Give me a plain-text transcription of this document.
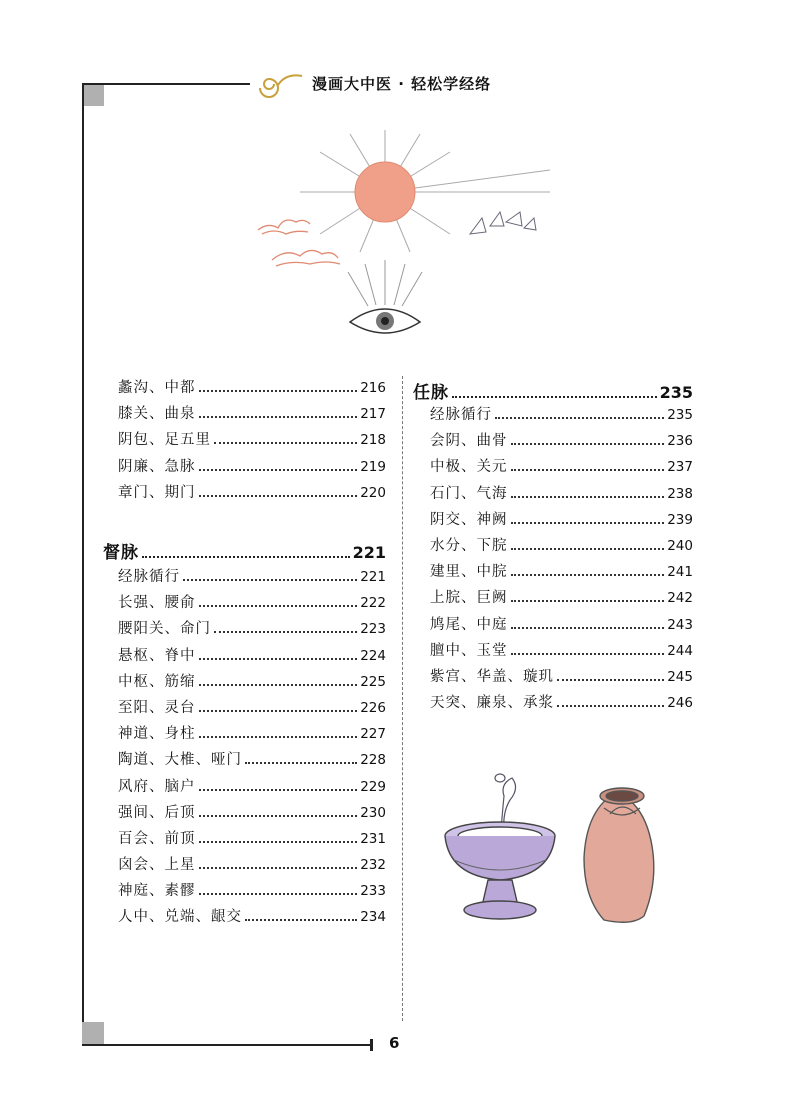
漫画大中医 · 轻松学经络
蠡沟、中都	216
膝关、曲泉	217
阴包、足五里	218
阴廉、急脉	219
章门、期门	220
督脉	221
经脉循行	221
长强、腰俞	222
腰阳关、命门	223
悬枢、脊中	224
中枢、筋缩	225
至阳、灵台	226
神道、身柱	227
陶道、大椎、哑门	228
风府、脑户	229
强间、后顶	230
百会、前顶	231
囟会、上星	232
神庭、素髎	233
人中、兑端、龈交	234
任脉	235
经脉循行	235
会阴、曲骨	236
中极、关元	237
石门、气海	238
阴交、神阙	239
水分、下脘	240
建里、中脘	241
上脘、巨阙	242
鸠尾、中庭	243
膻中、玉堂	244
紫宫、华盖、璇玑	245
天突、廉泉、承浆	246
6
